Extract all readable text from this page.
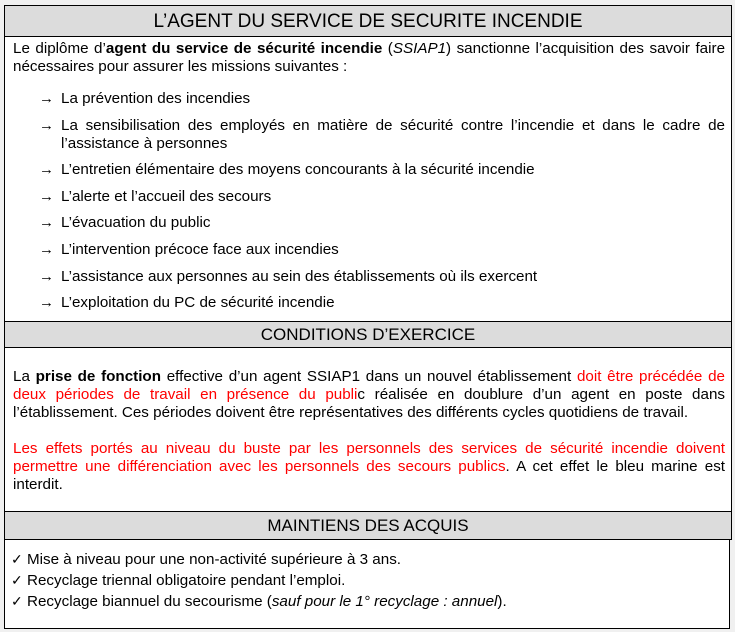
L’AGENT DU SERVICE DE SECURITE INCENDIE

Le diplôme d’agent du service de sécurité incendie (SSIAP1) sanctionne l’acquisition des savoir faire nécessaires pour assurer les missions suivantes :

→ La prévention des incendies
→ La sensibilisation des employés en matière de sécurité contre l’incendie et dans le cadre de l’assistance à personnes
→ L’entretien élémentaire des moyens concourants à la sécurité incendie
→ L’alerte et l’accueil des secours
→ L’évacuation du public
→ L’intervention précoce face aux incendies
→ L’assistance aux personnes au sein des établissements où ils exercent
→ L’exploitation du PC de sécurité incendie
CONDITIONS D’EXERCICE

La prise de fonction effective d’un agent SSIAP1 dans un nouvel établissement doit être précédée de deux périodes de travail en présence du public réalisée en doublure d’un agent en poste dans l’établissement. Ces périodes doivent être représentatives des différents cycles quotidiens de travail.

Les effets portés au niveau du buste par les personnels des services de sécurité incendie doivent permettre une différenciation avec les personnels des secours publics. A cet effet le bleu marine est interdit.

MAINTIENS DES ACQUIS
✓ Mise à niveau pour une non-activité supérieure à 3 ans.
✓ Recyclage triennal obligatoire pendant l’emploi.
✓ Recyclage biannuel du secourisme (sauf pour le 1° recyclage : annuel).
